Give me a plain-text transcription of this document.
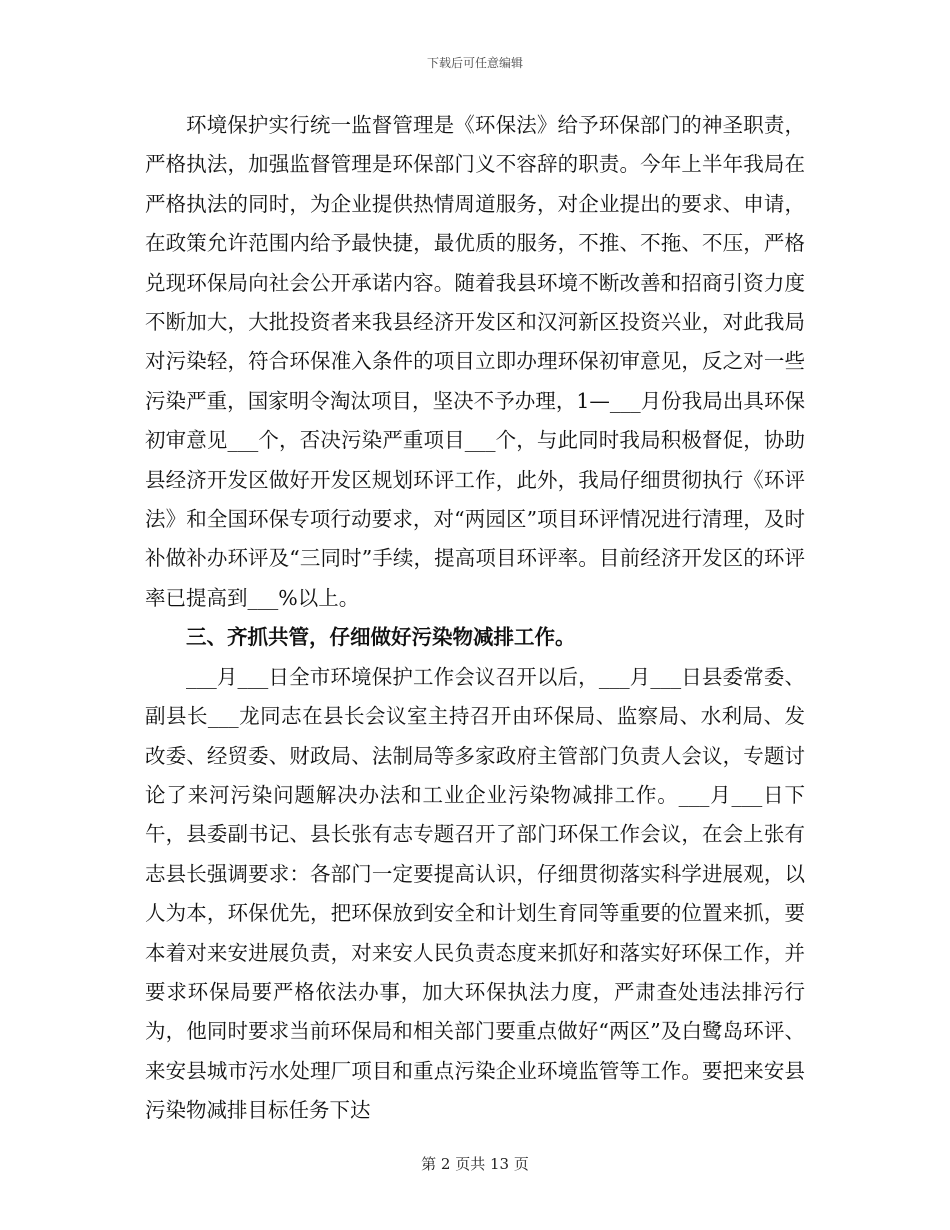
下载后可任意编辑

环境保护实行统一监督管理是《环保法》给予环保部门的神圣职责，严格执法，加强监督管理是环保部门义不容辞的职责。今年上半年我局在严格执法的同时，为企业提供热情周道服务，对企业提出的要求、申请，在政策允许范围内给予最快捷，最优质的服务，不推、不拖、不压，严格兑现环保局向社会公开承诺内容。随着我县环境不断改善和招商引资力度不断加大，大批投资者来我县经济开发区和汉河新区投资兴业，对此我局对污染轻，符合环保准入条件的项目立即办理环保初审意见，反之对一些污染严重，国家明令淘汰项目，坚决不予办理，1—___月份我局出具环保初审意见___个，否决污染严重项目___个，与此同时我局积极督促，协助县经济开发区做好开发区规划环评工作，此外，我局仔细贯彻执行《环评法》和全国环保专项行动要求，对“两园区”项目环评情况进行清理，及时补做补办环评及“三同时”手续，提高项目环评率。目前经济开发区的环评率已提高到___%以上。

三、齐抓共管，仔细做好污染物减排工作。

___月___日全市环境保护工作会议召开以后，___月___日县委常委、副县长___龙同志在县长会议室主持召开由环保局、监察局、水利局、发改委、经贸委、财政局、法制局等多家政府主管部门负责人会议，专题讨论了来河污染问题解决办法和工业企业污染物减排工作。___月___日下午，县委副书记、县长张有志专题召开了部门环保工作会议，在会上张有志县长强调要求：各部门一定要提高认识，仔细贯彻落实科学进展观，以人为本，环保优先，把环保放到安全和计划生育同等重要的位置来抓，要本着对来安进展负责，对来安人民负责态度来抓好和落实好环保工作，并要求环保局要严格依法办事，加大环保执法力度，严肃查处违法排污行为，他同时要求当前环保局和相关部门要重点做好“两区”及白鹭岛环评、来安县城市污水处理厂项目和重点污染企业环境监管等工作。要把来安县污染物减排目标任务下达

第 2 页共 13 页
